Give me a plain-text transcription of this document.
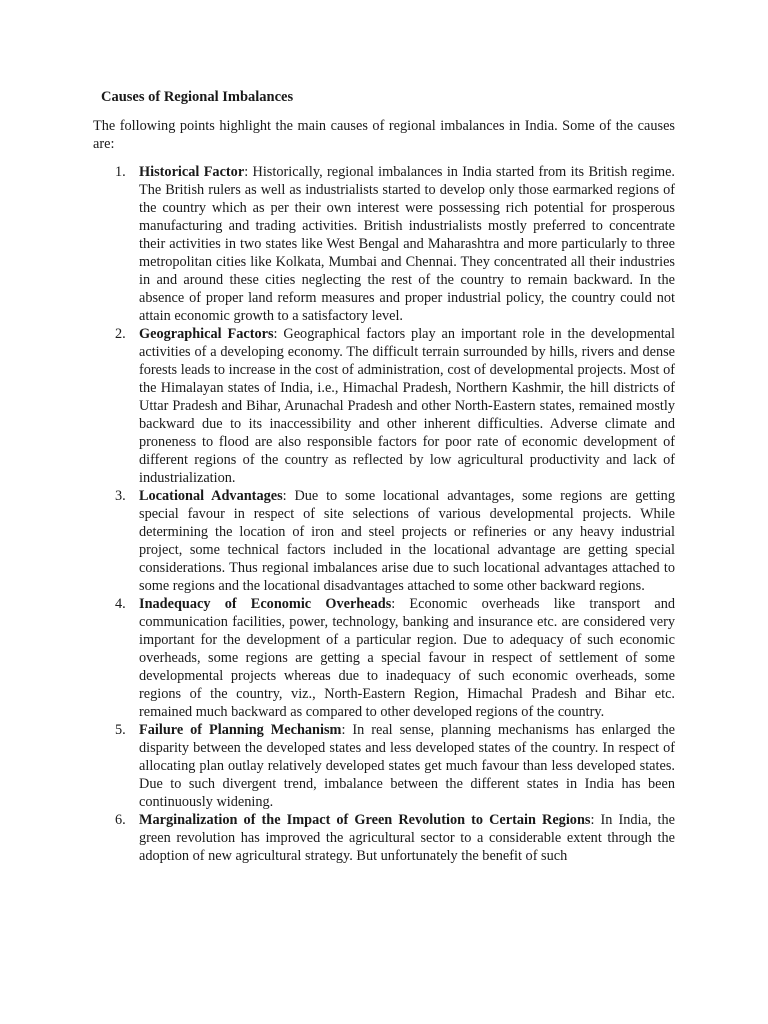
Causes of Regional Imbalances

The following points highlight the main causes of regional imbalances in India. Some of the causes are:

1. Historical Factor: Historically, regional imbalances in India started from its British regime. The British rulers as well as industrialists started to develop only those earmarked regions of the country which as per their own interest were possessing rich potential for prosperous manufacturing and trading activities. British industrialists mostly preferred to concentrate their activities in two states like West Bengal and Maharashtra and more particularly to three metropolitan cities like Kolkata, Mumbai and Chennai. They concentrated all their industries in and around these cities neglecting the rest of the country to remain backward. In the absence of proper land reform measures and proper industrial policy, the country could not attain economic growth to a satisfactory level.
2. Geographical Factors: Geographical factors play an important role in the developmental activities of a developing economy. The difficult terrain surrounded by hills, rivers and dense forests leads to increase in the cost of administration, cost of developmental projects. Most of the Himalayan states of India, i.e., Himachal Pradesh, Northern Kashmir, the hill districts of Uttar Pradesh and Bihar, Arunachal Pradesh and other North-Eastern states, remained mostly backward due to its inaccessibility and other inherent difficulties. Adverse climate and proneness to flood are also responsible factors for poor rate of economic development of different regions of the country as reflected by low agricultural productivity and lack of industrialization.
3. Locational Advantages: Due to some locational advantages, some regions are getting special favour in respect of site selections of various developmental projects. While determining the location of iron and steel projects or refineries or any heavy industrial project, some technical factors included in the locational advantage are getting special considerations. Thus regional imbalances arise due to such locational advantages attached to some regions and the locational disadvantages attached to some other backward regions.
4. Inadequacy of Economic Overheads: Economic overheads like transport and communication facilities, power, technology, banking and insurance etc. are considered very important for the development of a particular region. Due to adequacy of such economic overheads, some regions are getting a special favour in respect of settlement of some developmental projects whereas due to inadequacy of such economic overheads, some regions of the country, viz., North-Eastern Region, Himachal Pradesh and Bihar etc. remained much backward as compared to other developed regions of the country.
5. Failure of Planning Mechanism: In real sense, planning mechanisms has enlarged the disparity between the developed states and less developed states of the country. In respect of allocating plan outlay relatively developed states get much favour than less developed states. Due to such divergent trend, imbalance between the different states in India has been continuously widening.
6. Marginalization of the Impact of Green Revolution to Certain Regions: In India, the green revolution has improved the agricultural sector to a considerable extent through the adoption of new agricultural strategy. But unfortunately the benefit of such
